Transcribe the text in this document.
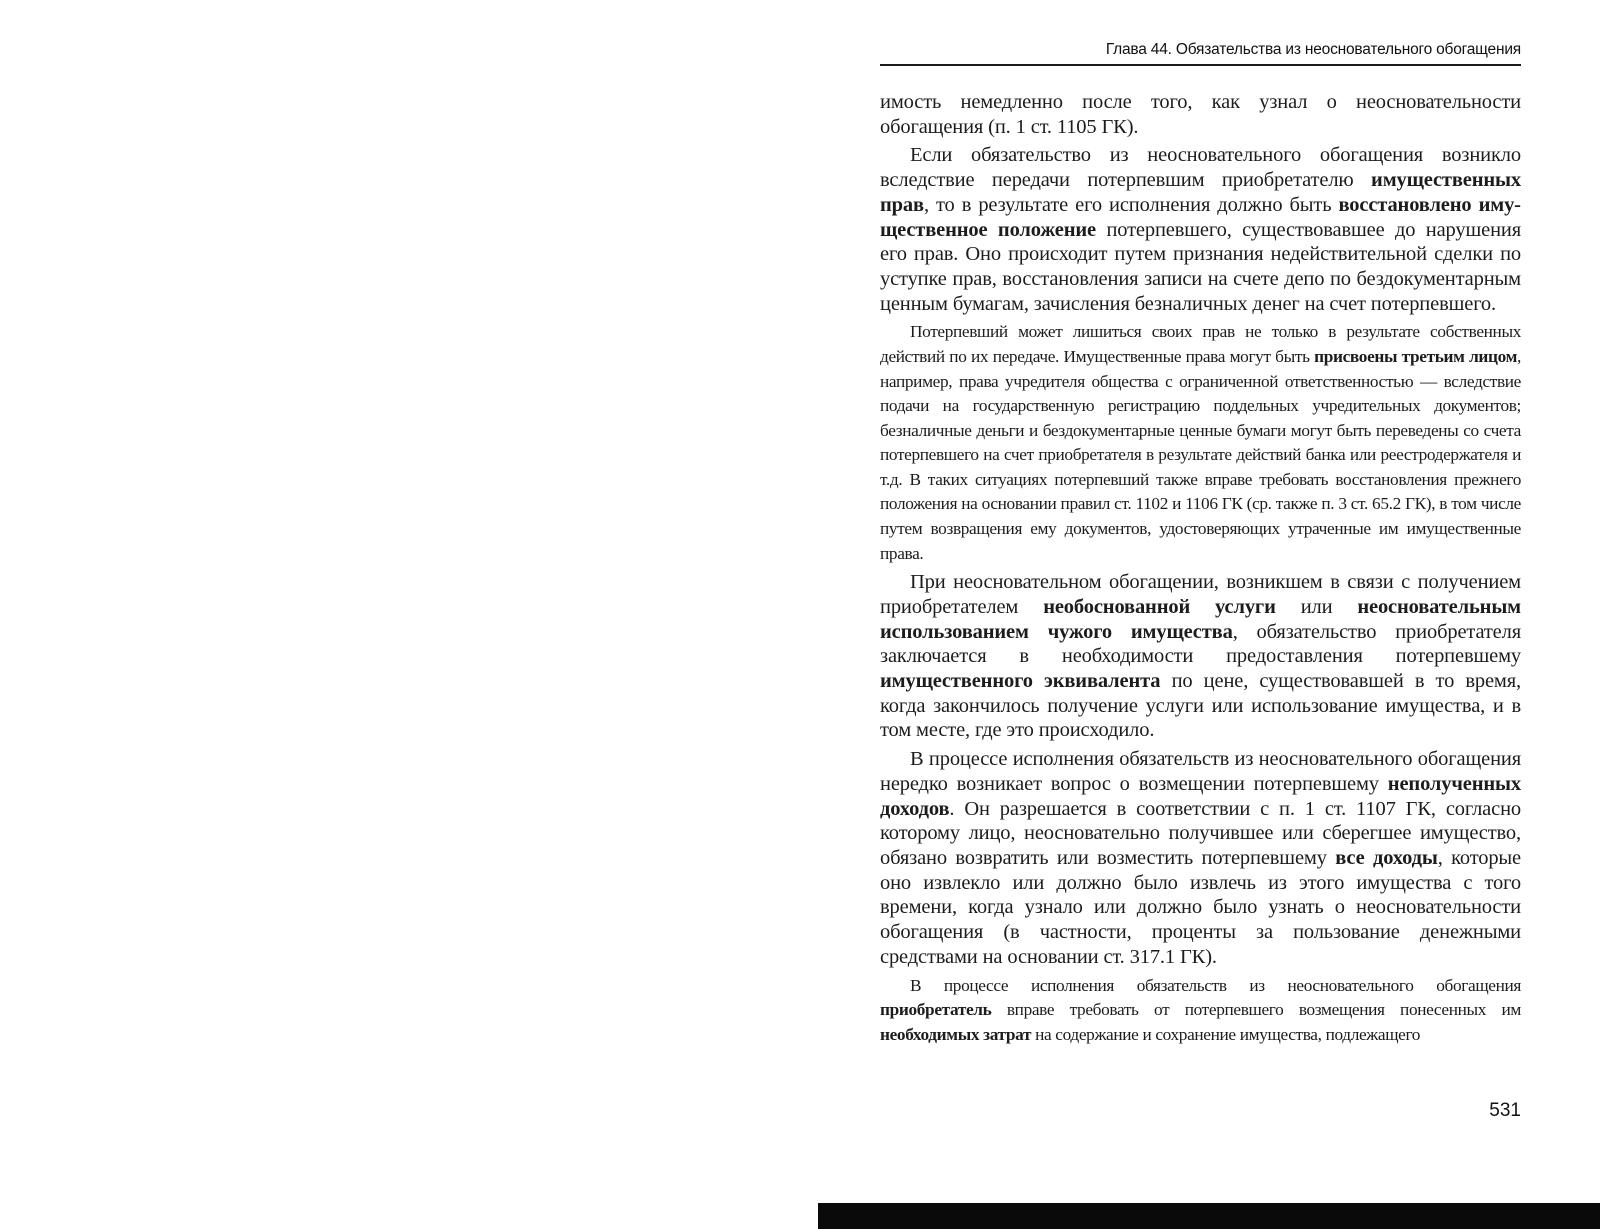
Глава 44. Обязательства из неосновательного обогащения

имость немедленно после того, как узнал о неосновательности обогащения (п. 1 ст. 1105 ГК).

Если обязательство из неосновательного обогащения возникло вследствие передачи потерпевшим приобретателю имущественных прав, то в результате его исполнения должно быть восстановлено имущественное положение потерпевшего, существовавшее до нарушения его прав. Оно происходит путем признания недействительной сделки по уступке прав, восстановления записи на счете депо по бездокументарным ценным бумагам, зачисления безналичных денег на счет потерпевшего.

Потерпевший может лишиться своих прав не только в результате собственных действий по их передаче. Имущественные права могут быть присвоены третьим лицом, например, права учредителя общества с ограниченной ответственностью — вследствие подачи на государственную регистрацию поддельных учредительных документов; безналичные деньги и бездокументарные ценные бумаги могут быть переведены со счета потерпевшего на счет приобретателя в результате действий банка или реестродержателя и т.д. В таких ситуациях потерпевший также вправе требовать восстановления прежнего положения на основании правил ст. 1102 и 1106 ГК (ср. также п. 3 ст. 65.2 ГК), в том числе путем возвращения ему документов, удостоверяющих утраченные им имущественные права.

При неосновательном обогащении, возникшем в связи с получением приобретателем необоснованной услуги или неосновательным использованием чужого имущества, обязательство приобретателя заключается в необходимости предоставления потерпевшему имущественного эквивалента по цене, существовавшей в то время, когда закончилось получение услуги или использование имущества, и в том месте, где это происходило.

В процессе исполнения обязательств из неосновательного обогащения нередко возникает вопрос о возмещении потерпевшему неполученных доходов. Он разрешается в соответствии с п. 1 ст. 1107 ГК, согласно которому лицо, неосновательно получившее или сберегшее имущество, обязано возвратить или возместить потерпевшему все доходы, которые оно извлекло или должно было извлечь из этого имущества с того времени, когда узнало или должно было узнать о неосновательности обогащения (в частности, проценты за пользование денежными средствами на основании ст. 317.1 ГК).

В процессе исполнения обязательств из неосновательного обогащения приобретатель вправе требовать от потерпевшего возмещения понесенных им необходимых затрат на содержание и сохранение имущества, подлежащего

531
